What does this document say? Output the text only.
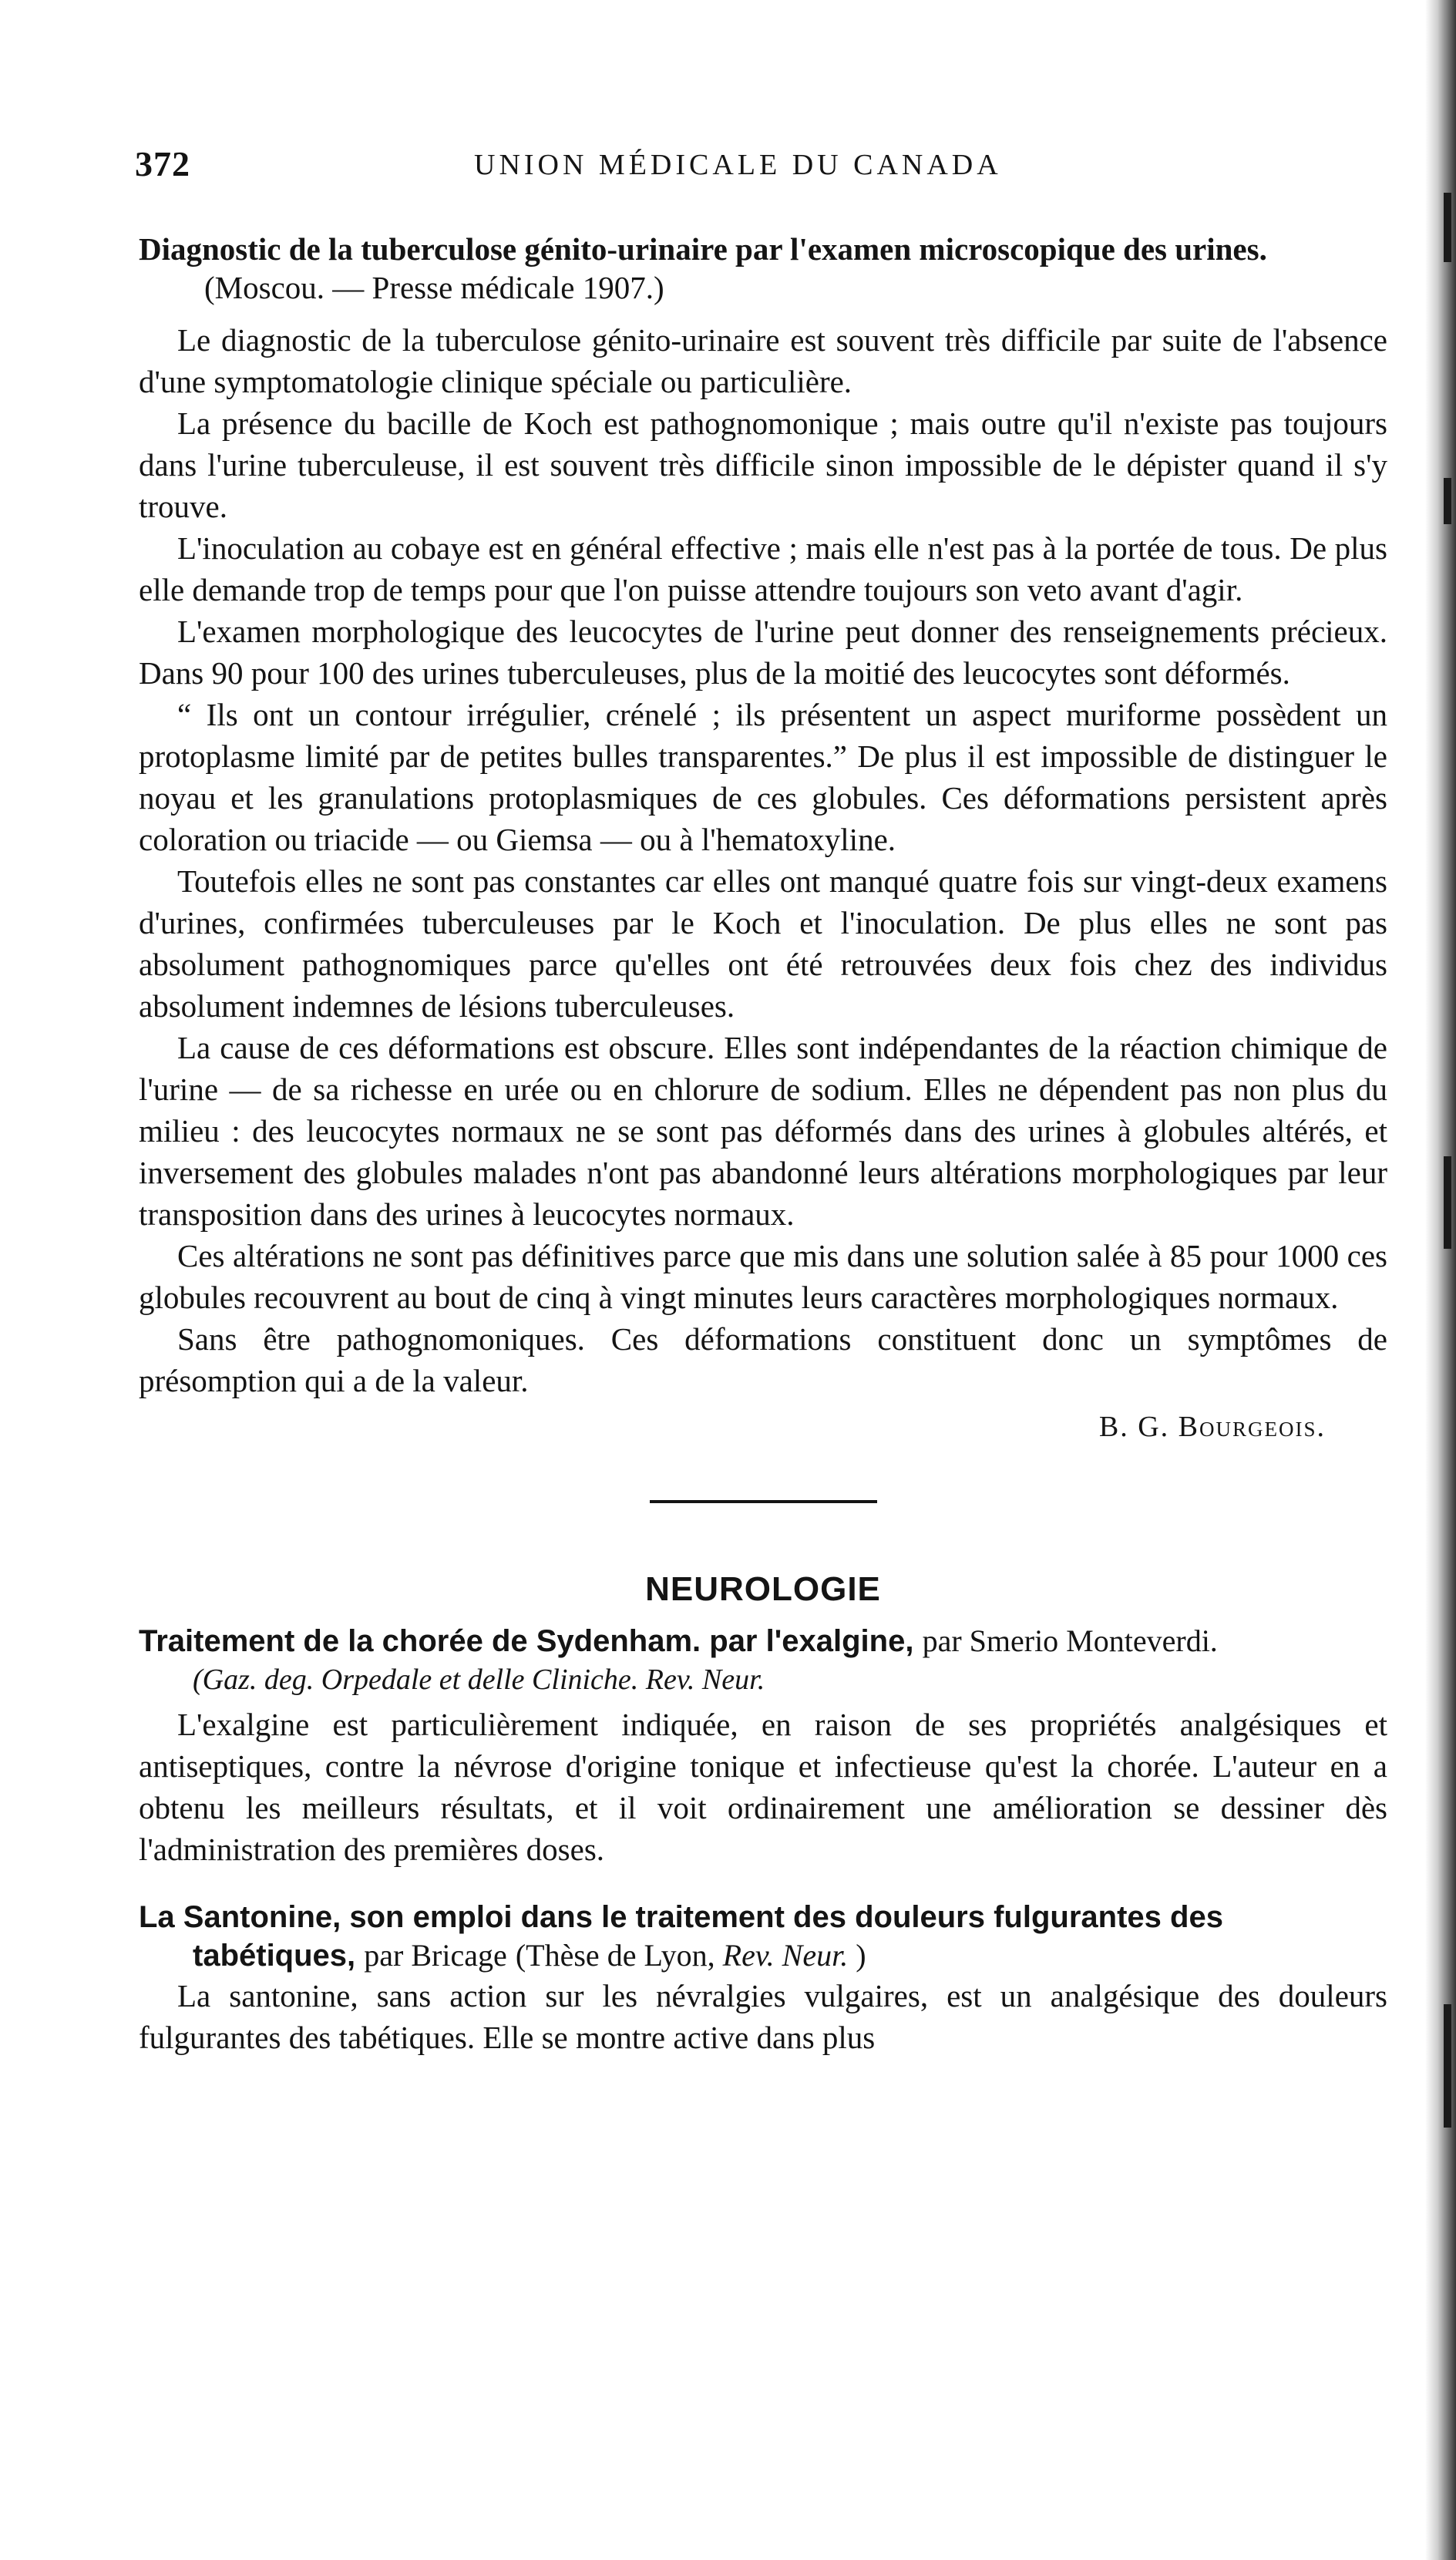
372	UNION MÉDICALE DU CANADA

Diagnostic de la tuberculose génito-urinaire par l'examen microscopique des urines. (Moscou. — Presse médicale 1907.)

Le diagnostic de la tuberculose génito-urinaire est souvent très difficile par suite de l'absence d'une symptomatologie clinique spéciale ou particulière.

La présence du bacille de Koch est pathognomonique ; mais outre qu'il n'existe pas toujours dans l'urine tuberculeuse, il est souvent très difficile sinon impossible de le dépister quand il s'y trouve.

L'inoculation au cobaye est en général effective ; mais elle n'est pas à la portée de tous. De plus elle demande trop de temps pour que l'on puisse attendre toujours son veto avant d'agir.

L'examen morphologique des leucocytes de l'urine peut donner des renseignements précieux. Dans 90 pour 100 des urines tuberculeuses, plus de la moitié des leucocytes sont déformés.

“ Ils ont un contour irrégulier, crénelé ; ils présentent un aspect muriforme possèdent un protoplasme limité par de petites bulles transparentes.” De plus il est impossible de distinguer le noyau et les granulations protoplasmiques de ces globules. Ces déformations persistent après coloration ou triacide — ou Giemsa — ou à l'hematoxyline.

Toutefois elles ne sont pas constantes car elles ont manqué quatre fois sur vingt-deux examens d'urines, confirmées tuberculeuses par le Koch et l'inoculation. De plus elles ne sont pas absolument pathognomiques parce qu'elles ont été retrouvées deux fois chez des individus absolument indemnes de lésions tuberculeuses.

La cause de ces déformations est obscure. Elles sont indépendantes de la réaction chimique de l'urine — de sa richesse en urée ou en chlorure de sodium. Elles ne dépendent pas non plus du milieu : des leucocytes normaux ne se sont pas déformés dans des urines à globules altérés, et inversement des globules malades n'ont pas abandonné leurs altérations morphologiques par leur transposition dans des urines à leucocytes normaux.

Ces altérations ne sont pas définitives parce que mis dans une solution salée à 85 pour 1000 ces globules recouvrent au bout de cinq à vingt minutes leurs caractères morphologiques normaux.

Sans être pathognomoniques. Ces déformations constituent donc un symptômes de présomption qui a de la valeur.

B. G. Bourgeois.

NEUROLOGIE

Traitement de la chorée de Sydenham. par l'exalgine, par Smerio Monteverdi.

(Gaz. deg. Orpedale et delle Cliniche. Rev. Neur.

L'exalgine est particulièrement indiquée, en raison de ses propriétés analgésiques et antiseptiques, contre la névrose d'origine tonique et infectieuse qu'est la chorée. L'auteur en a obtenu les meilleurs résultats, et il voit ordinairement une amélioration se dessiner dès l'administration des premières doses.

La Santonine, son emploi dans le traitement des douleurs fulgurantes des tabétiques, par Bricage (Thèse de Lyon, Rev. Neur. )

La santonine, sans action sur les névralgies vulgaires, est un analgésique des douleurs fulgurantes des tabétiques. Elle se montre active dans plus
